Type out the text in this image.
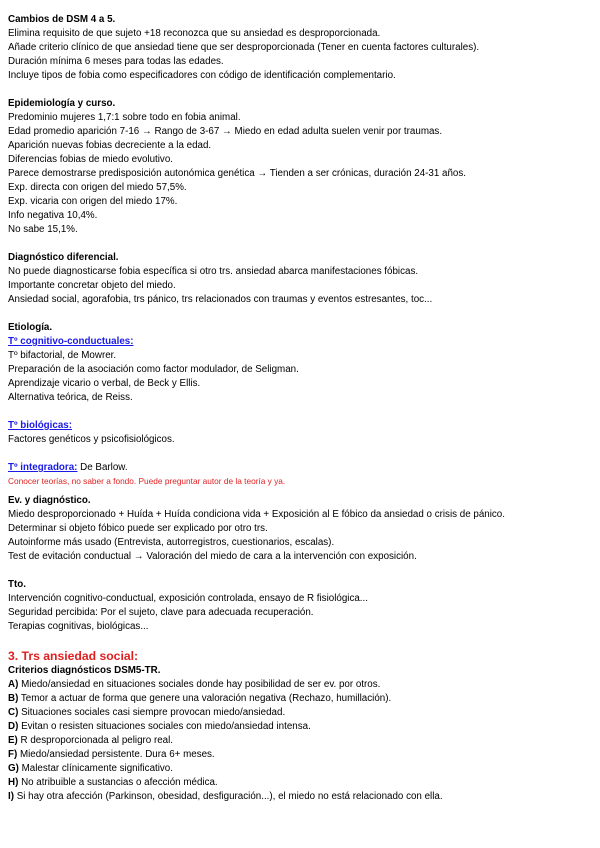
Cambios de DSM 4 a 5.
Elimina requisito de que sujeto +18 reconozca que su ansiedad es desproporcionada.
Añade criterio clínico de que ansiedad tiene que ser desproporcionada (Tener en cuenta factores culturales).
Duración mínima 6 meses para todas las edades.
Incluye tipos de fobia como especificadores con código de identificación complementario.
Epidemiología y curso.
Predominio mujeres 1,7:1 sobre todo en fobia animal.
Edad promedio aparición 7-16 → Rango de 3-67 → Miedo en edad adulta suelen venir por traumas.
Aparición nuevas fobias decreciente a la edad.
Diferencias fobias de miedo evolutivo.
Parece demostrarse predisposición autonómica genética → Tienden a ser crónicas, duración 24-31 años.
Exp. directa con origen del miedo 57,5%.
Exp. vicaria con origen del miedo 17%.
Info negativa 10,4%.
No sabe 15,1%.
Diagnóstico diferencial.
No puede diagnosticarse fobia específica si otro trs. ansiedad abarca manifestaciones fóbicas.
Importante concretar objeto del miedo.
Ansiedad social, agorafobia, trs pánico, trs relacionados con traumas y eventos estresantes, toc...
Etiología.
Tº cognitivo-conductuales:
Tº bifactorial, de Mowrer.
Preparación de la asociación como factor modulador, de Seligman.
Aprendizaje vicario o verbal, de Beck y Ellis.
Alternativa teórica, de Reiss.
Tº biológicas:
Factores genéticos y psicofisiológicos.
Tº integradora: De Barlow.
Conocer teorías, no saber a fondo. Puede preguntar autor de la teoría y ya.
Ev. y diagnóstico.
Miedo desproporcionado + Huída + Huída condiciona vida + Exposición al E fóbico da ansiedad o crisis de pánico.
Determinar si objeto fóbico puede ser explicado por otro trs.
Autoinforme más usado (Entrevista, autorregistros, cuestionarios, escalas).
Test de evitación conductual → Valoración del miedo de cara a la intervención con exposición.
Tto.
Intervención cognitivo-conductual, exposición controlada, ensayo de R fisiológica...
Seguridad percibida: Por el sujeto, clave para adecuada recuperación.
Terapias cognitivas, biológicas...
3. Trs ansiedad social:
Criterios diagnósticos DSM5-TR.
A) Miedo/ansiedad en situaciones sociales donde hay posibilidad de ser ev. por otros.
B) Temor a actuar de forma que genere una valoración negativa (Rechazo, humillación).
C) Situaciones sociales casi siempre provocan miedo/ansiedad.
D) Evitan o resisten situaciones sociales con miedo/ansiedad intensa.
E) R desproporcionada al peligro real.
F) Miedo/ansiedad persistente. Dura 6+ meses.
G) Malestar clínicamente significativo.
H) No atribuible a sustancias o afección médica.
I) Si hay otra afección (Parkinson, obesidad, desfiguración...), el miedo no está relacionado con ella.
